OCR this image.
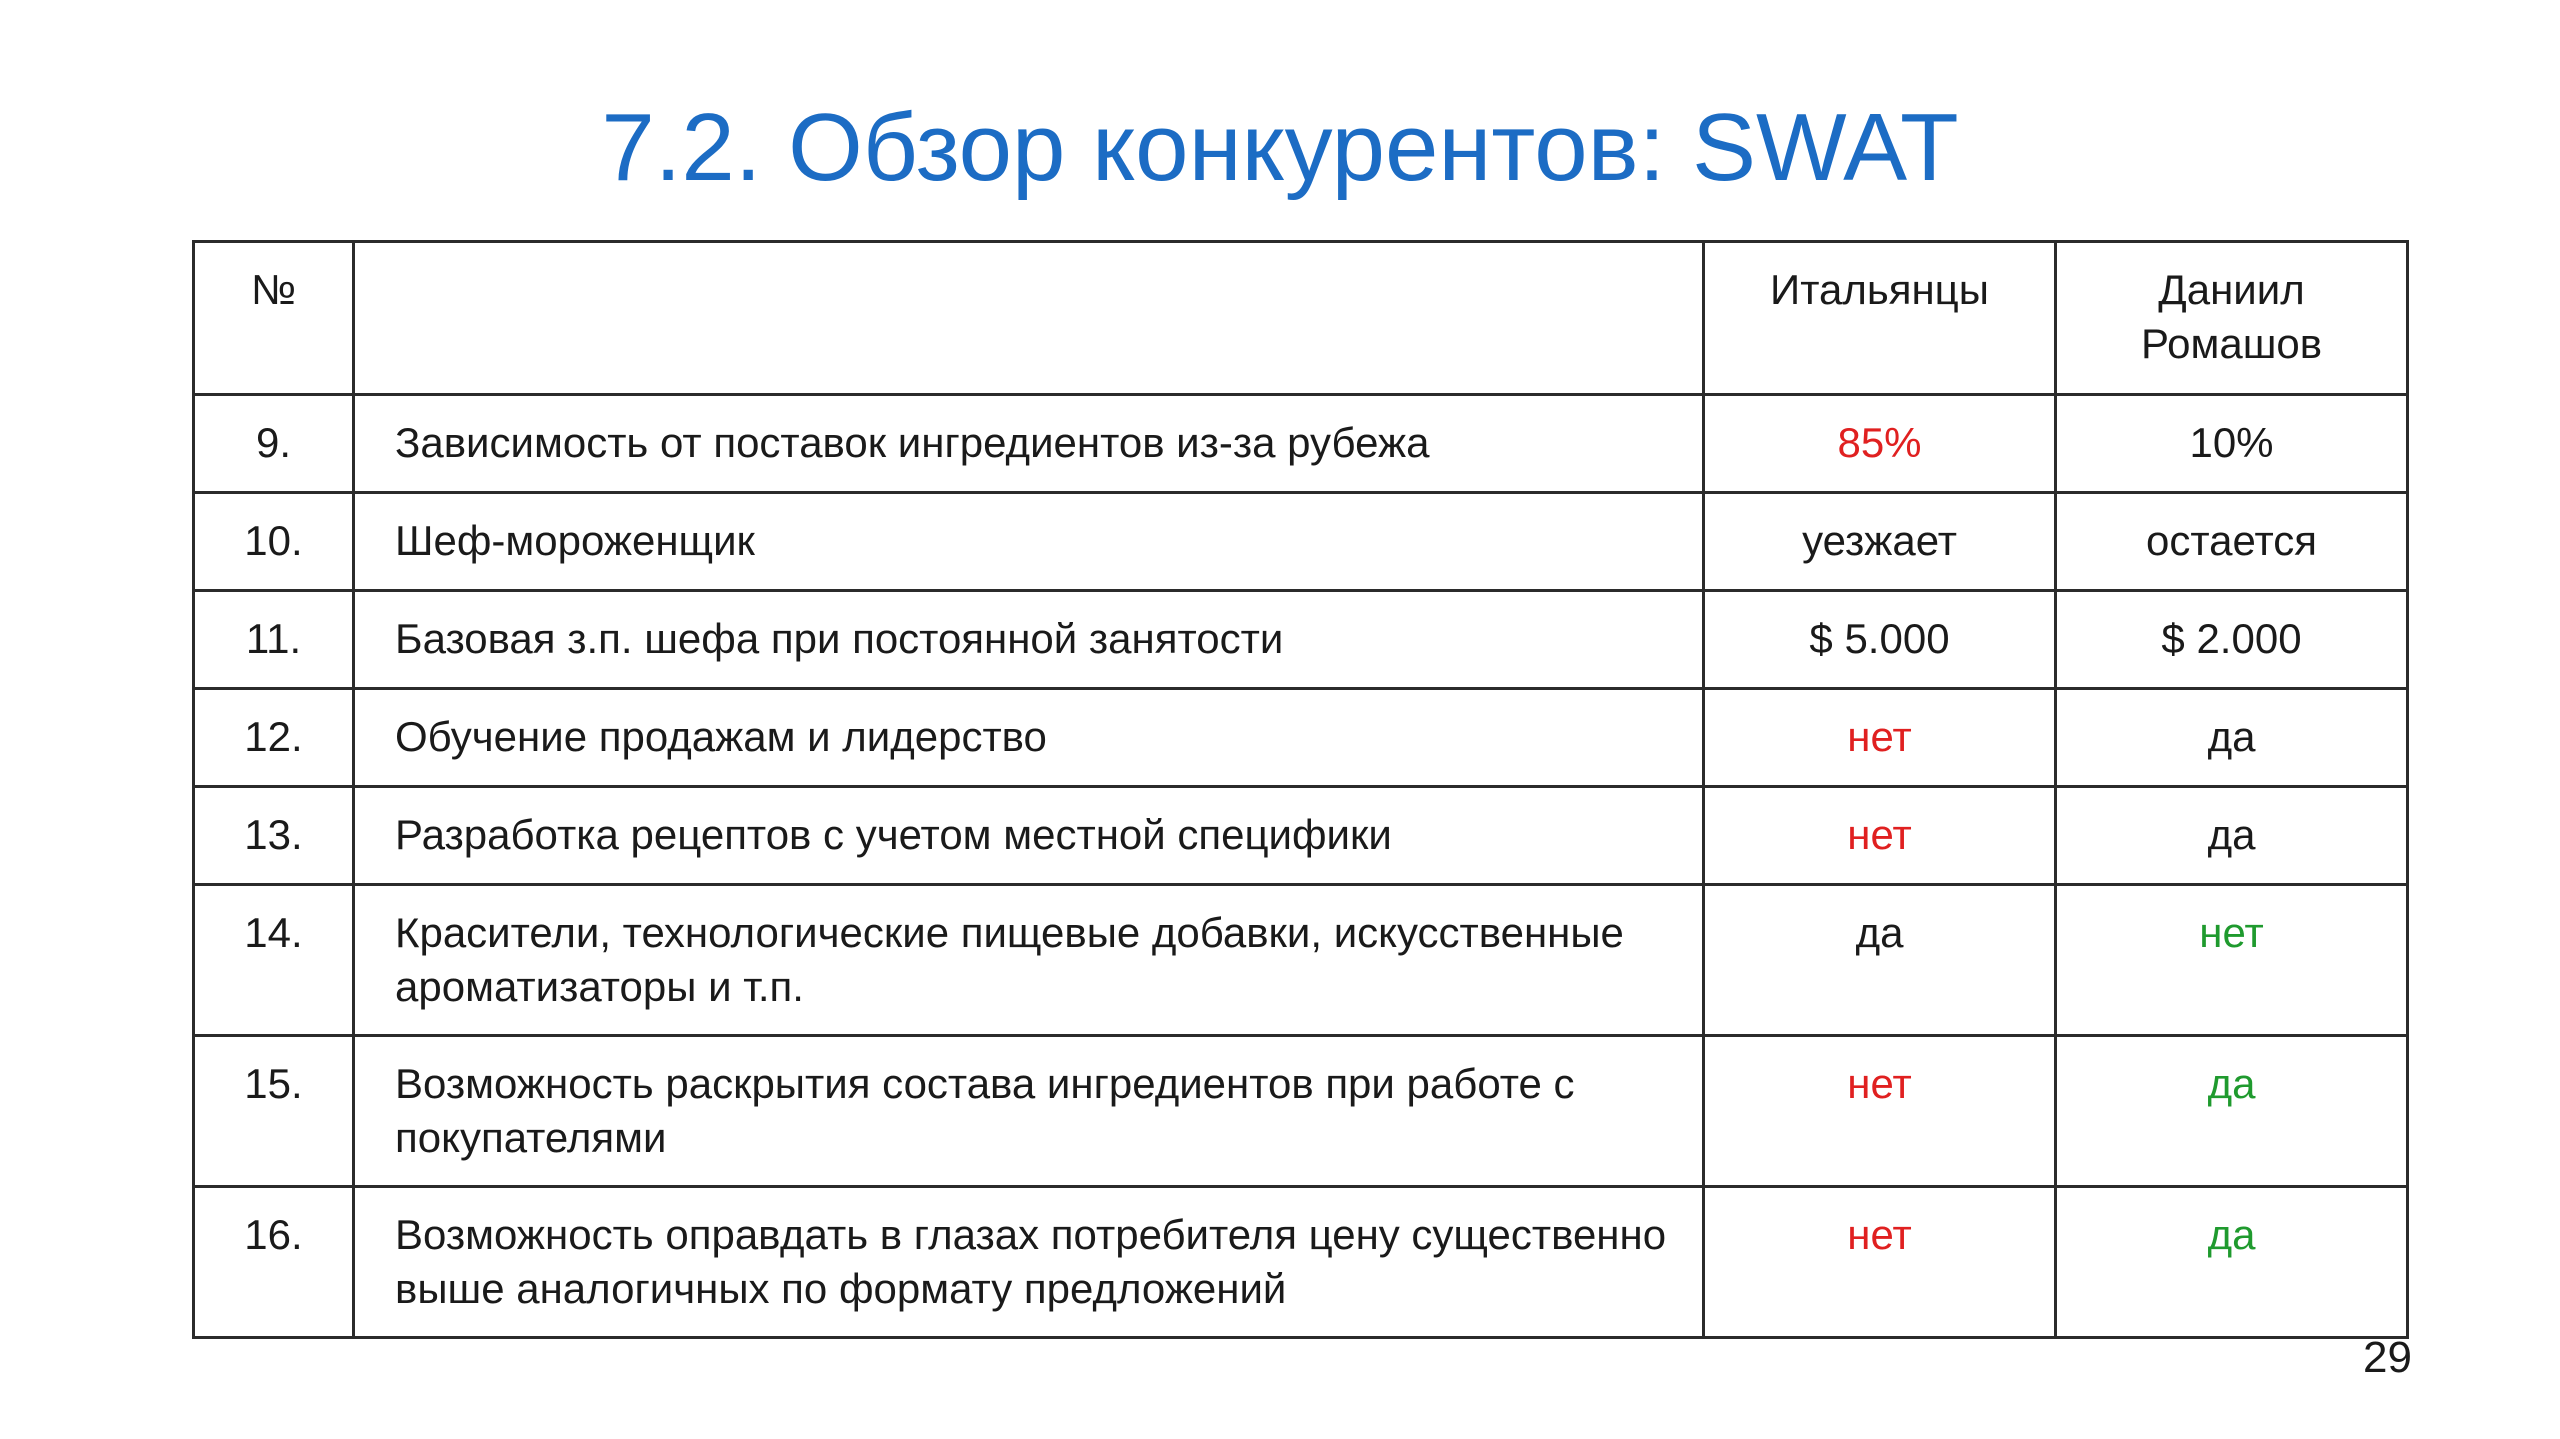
7.2. Обзор конкурентов: SWAT
№		Итальянцы	Даниил Ромашов
9.	Зависимость от поставок ингредиентов из-за рубежа	85%	10%
10.	Шеф-мороженщик	уезжает	остается
11.	Базовая з.п. шефа при постоянной занятости	$ 5.000	$ 2.000
12.	Обучение продажам и лидерство	нет	да
13.	Разработка рецептов с учетом местной специфики	нет	да
14.	Красители, технологические пищевые добавки, искусственные ароматизаторы и т.п.	да	нет
15.	Возможность раскрытия состава ингредиентов при работе с покупателями	нет	да
16.	Возможность оправдать в глазах потребителя цену существенно выше аналогичных по формату предложений	нет	да
29
